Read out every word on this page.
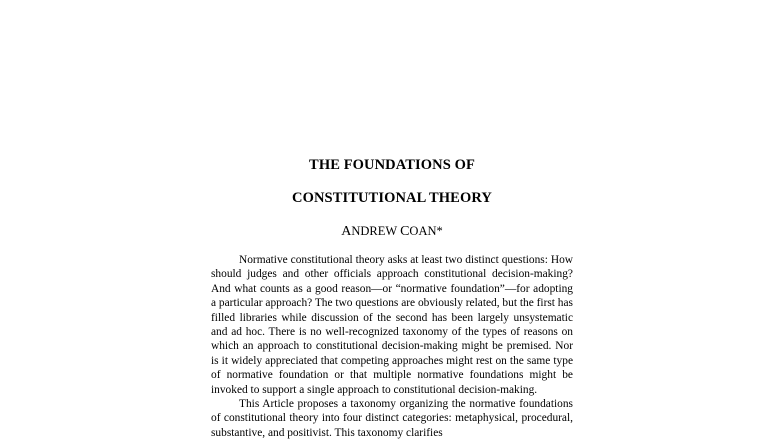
THE FOUNDATIONS OF
CONSTITUTIONAL THEORY
ANDREW COAN*

Normative constitutional theory asks at least two distinct questions: How should judges and other officials approach constitutional decision-making? And what counts as a good reason—or “normative foundation”—for adopting a particular approach? The two questions are obviously related, but the first has filled libraries while discussion of the second has been largely unsystematic and ad hoc. There is no well-recognized taxonomy of the types of reasons on which an approach to constitutional decision-making might be premised. Nor is it widely appreciated that competing approaches might rest on the same type of normative foundation or that multiple normative foundations might be invoked to support a single approach to constitutional decision-making.

This Article proposes a taxonomy organizing the normative foundations of constitutional theory into four distinct categories: metaphysical, procedural, substantive, and positivist. This taxonomy clarifies
